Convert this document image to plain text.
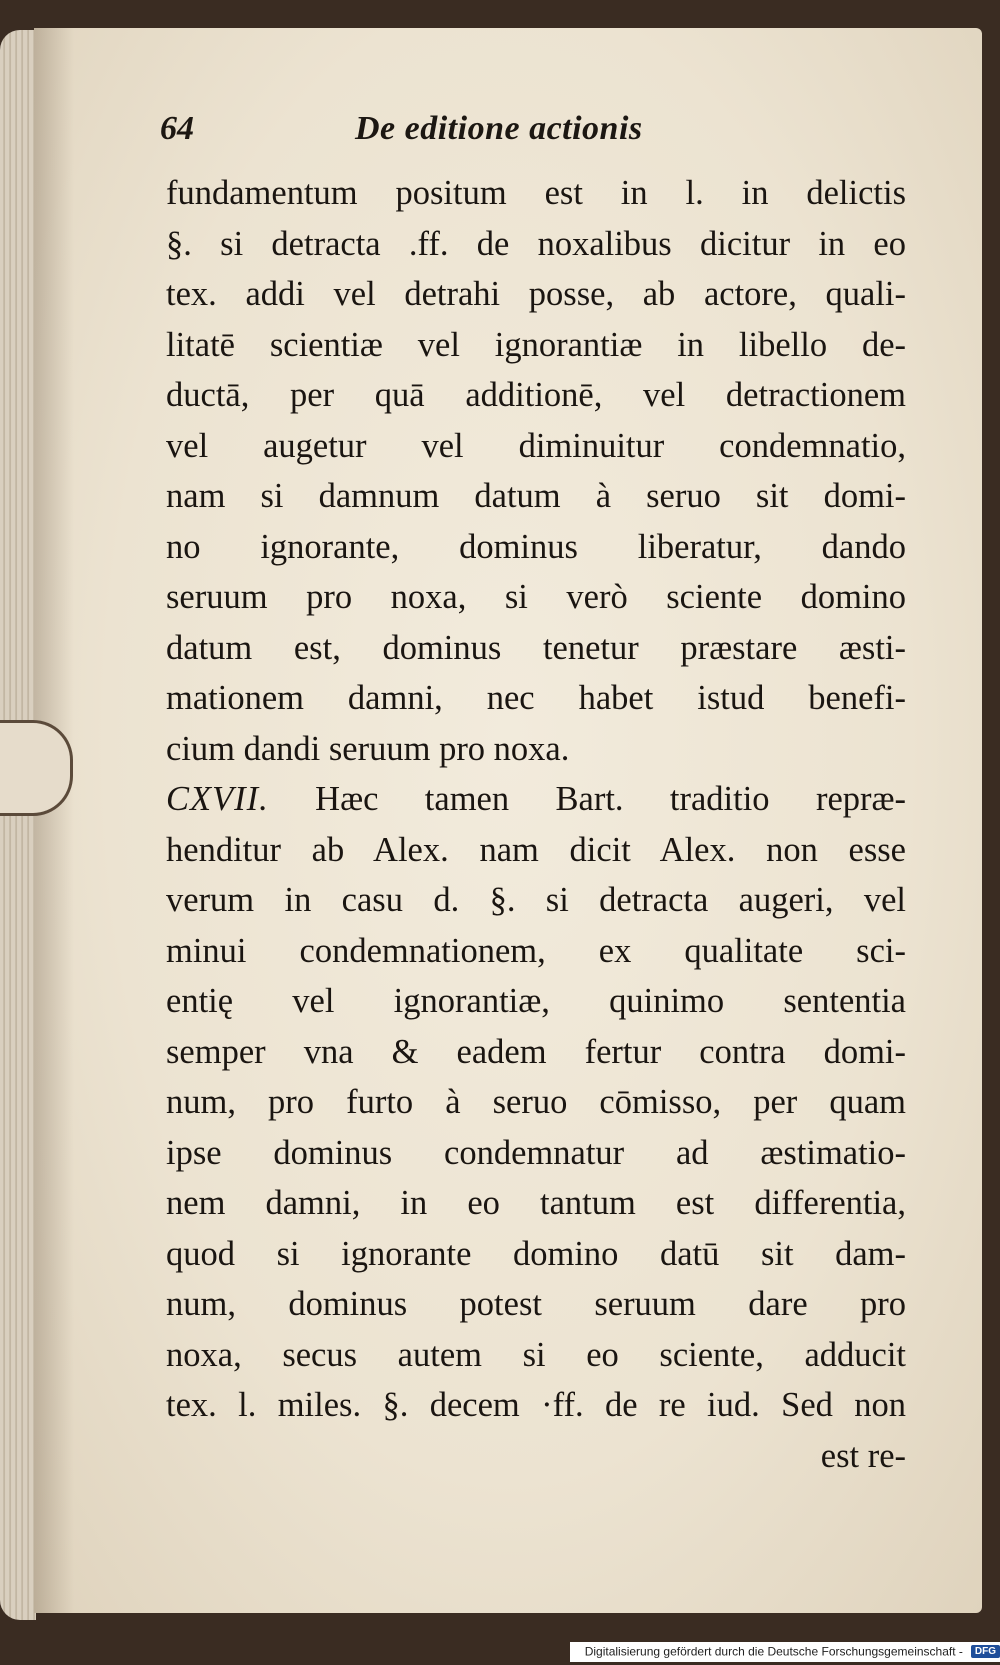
64	De editione actionis
fundamentum positum est in l. in delictis
§. si detracta .ff. de noxalibus dicitur in eo
tex. addi vel detrahi posse, ab actore, quali-
litatē scientiæ vel ignorantiæ in libello de-
ductā, per quā additionē, vel detractionem
vel augetur vel diminuitur condemnatio,
nam si damnum datum à seruo sit domi-
no ignorante, dominus liberatur, dando
seruum pro noxa, si verò sciente domino
datum est, dominus tenetur præstare æsti-
mationem damni, nec habet istud benefi-
cium dandi seruum pro noxa.
CXVII. Hæc tamen Bart. traditio repræ-
henditur ab Alex. nam dicit Alex. non esse
verum in casu d. §. si detracta augeri, vel
minui condemnationem, ex qualitate sci-
entię vel ignorantiæ, quinimo sententia
semper vna & eadem fertur contra domi-
num, pro furto à seruo cōmisso, per quam
ipse dominus condemnatur ad æstimatio-
nem damni, in eo tantum est differentia,
quod si ignorante domino datū sit dam-
num, dominus potest seruum dare pro
noxa, secus autem si eo sciente, adducit
tex. l. miles. §. decem ·ff. de re iud. Sed non
est re-
Digitalisierung gefördert durch die Deutsche Forschungsgemeinschaft - DFG
